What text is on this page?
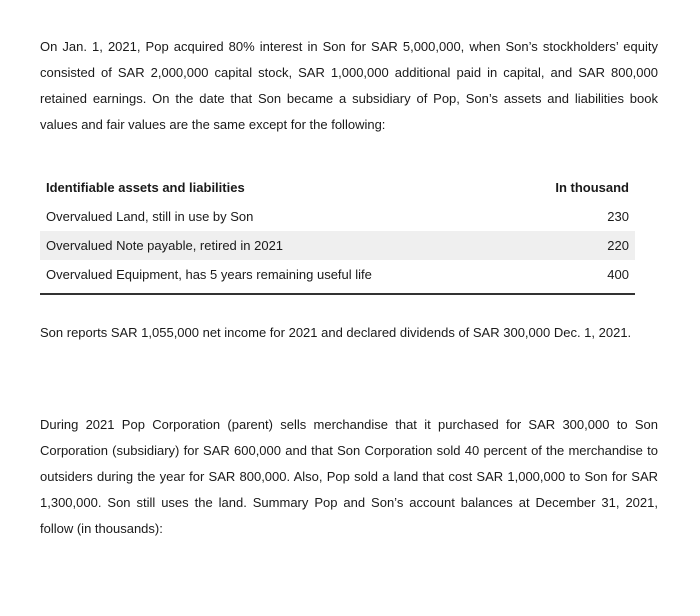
On Jan. 1, 2021, Pop acquired 80% interest in Son for SAR 5,000,000, when Son’s stockholders’ equity consisted of SAR 2,000,000 capital stock, SAR 1,000,000 additional paid in capital, and SAR 800,000 retained earnings. On the date that Son became a subsidiary of Pop, Son’s assets and liabilities book values and fair values are the same except for the following:

Identifiable assets and liabilities	In thousand
Overvalued Land, still in use by Son	230
Overvalued Note payable, retired in 2021	220
Overvalued Equipment, has 5 years remaining useful life	400

Son reports SAR 1,055,000 net income for 2021 and declared dividends of SAR 300,000 Dec. 1, 2021.

During 2021 Pop Corporation (parent) sells merchandise that it purchased for SAR 300,000 to Son Corporation (subsidiary) for SAR 600,000 and that Son Corporation sold 40 percent of the merchandise to outsiders during the year for SAR 800,000. Also, Pop sold a land that cost SAR 1,000,000 to Son for SAR 1,300,000. Son still uses the land. Summary Pop and Son’s account balances at December 31, 2021, follow (in thousands):
